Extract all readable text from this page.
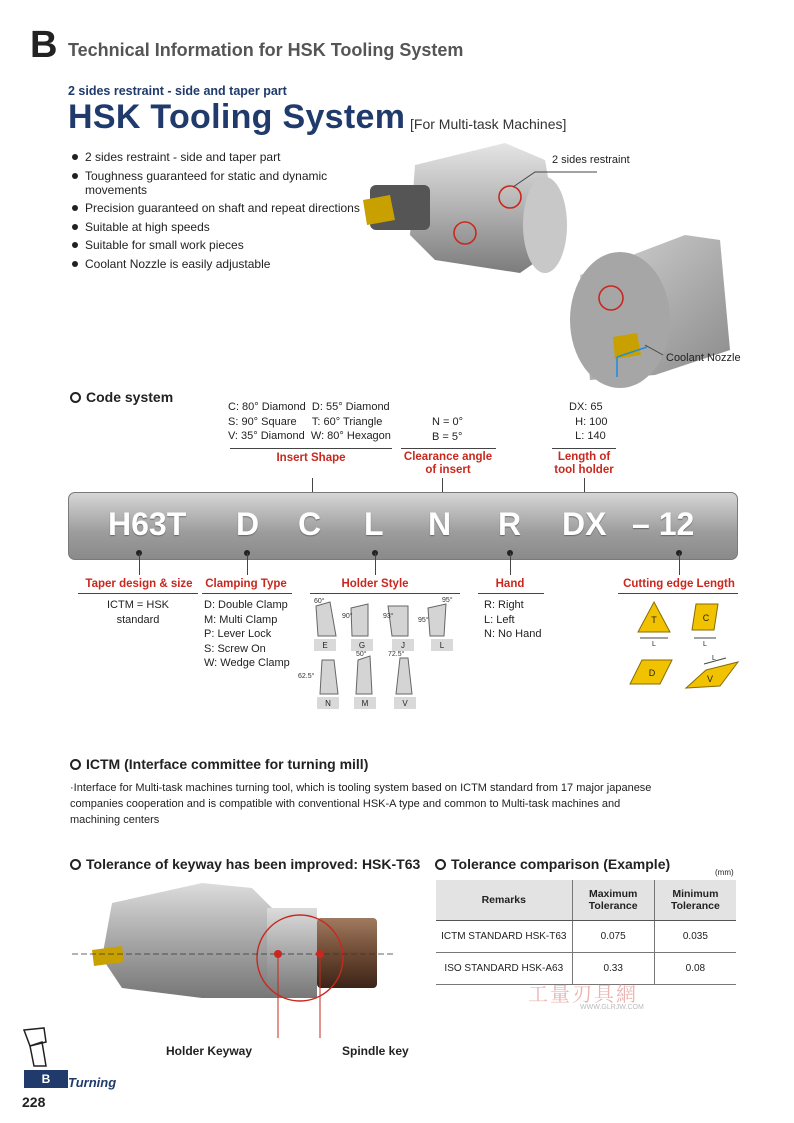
B Technical Information for HSK Tooling System
2 sides restraint - side and taper part
HSK Tooling System [For Multi-task Machines]
2 sides restraint - side and taper part
Toughness guaranteed for static and dynamic movements
Precision guaranteed on shaft and repeat directions
Suitable at high speeds
Suitable for small work pieces
Coolant Nozzle is easily adjustable
2 sides restraint
Coolant Nozzle
Code system
C: 80° Diamond D: 55° Diamond
S: 90° Square T: 60° Triangle
V: 35° Diamond W: 80° Hexagon
N = 0°
B = 5°
DX: 65
H: 100
L: 140
Insert Shape	Clearance angle of insert
Length of tool holder
H63T D C L N R DX – 12
Taper design & size	Clamping Type	Holder Style	Hand	Cutting edge Length
ICTM = HSK
standard
D: Double Clamp
M: Multi Clamp
P: Lever Lock
S: Screw On
W: Wedge Clamp
R: Right
L: Left
N: No Hand
60°
90°	93°
95°
95°
62.5°
50°	72.5°
E	G	J	L
N	M	V
T
L
C
L
D
V
L
ICTM (Interface committee for turning mill)
·Interface for Multi-task machines turning tool, which is tooling system based on ICTM standard from 17 major japanese companies cooperation and is compatible with conventional HSK-A type and common to Multi-task machines and machining centers
Tolerance of keyway has been improved: HSK-T63
Holder Keyway	Spindle key
Tolerance comparison (Example)
(mm)
Remarks	Maximum Tolerance	Minimum Tolerance
ICTM STANDARD HSK-T63	0.075	0.035
ISO STANDARD HSK-A63	0.33	0.08
工量刃具網
WWW.GLRJW.COM
B	Turning
228
